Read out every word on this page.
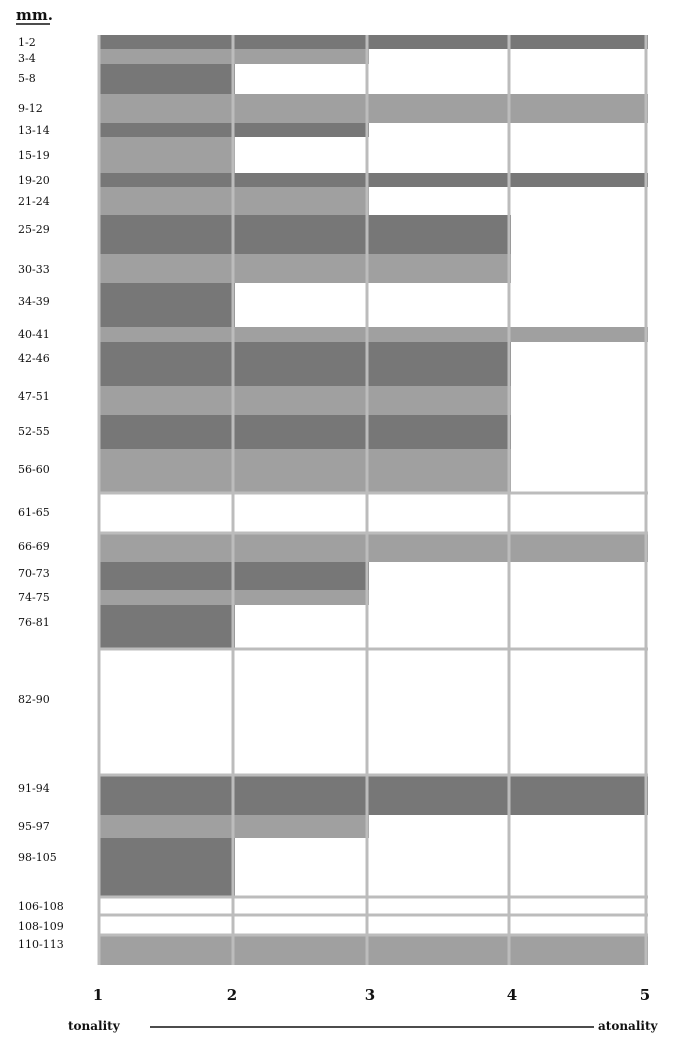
mm.
1-2
3-4
5-8
9-12
13-14
15-19
19-20
21-24
25-29
30-33
34-39
40-41
42-46
47-51
52-55
56-60
61-65
66-69
70-73
74-75
76-81
82-90
91-94
95-97
98-105
106-108
108-109
110-113
1	2	3	4	5
tonality	atonality
